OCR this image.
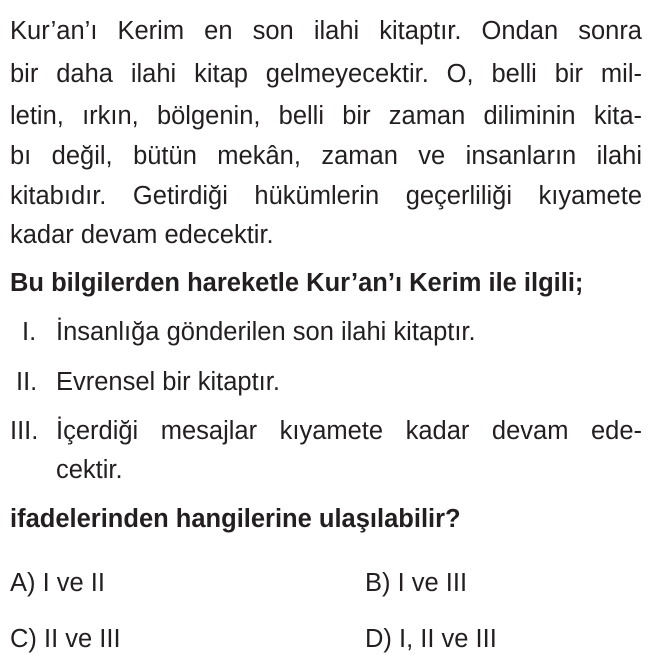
Kur’an’ı Kerim en son ilahi kitaptır. Ondan sonra
bir daha ilahi kitap gelmeyecektir. O, belli bir mil-
letin, ırkın, bölgenin, belli bir zaman diliminin kita-
bı değil, bütün mekân, zaman ve insanların ilahi
kitabıdır. Getirdiği hükümlerin geçerliliği kıyamete
kadar devam edecektir.
Bu bilgilerden hareketle Kur’an’ı Kerim ile ilgili;
I. İnsanlığa gönderilen son ilahi kitaptır.
II. Evrensel bir kitaptır.
III. İçerdiği mesajlar kıyamete kadar devam ede-
cektir.
ifadelerinden hangilerine ulaşılabilir?
A) I ve II	B) I ve III
C) II ve III	D) I, II ve III
